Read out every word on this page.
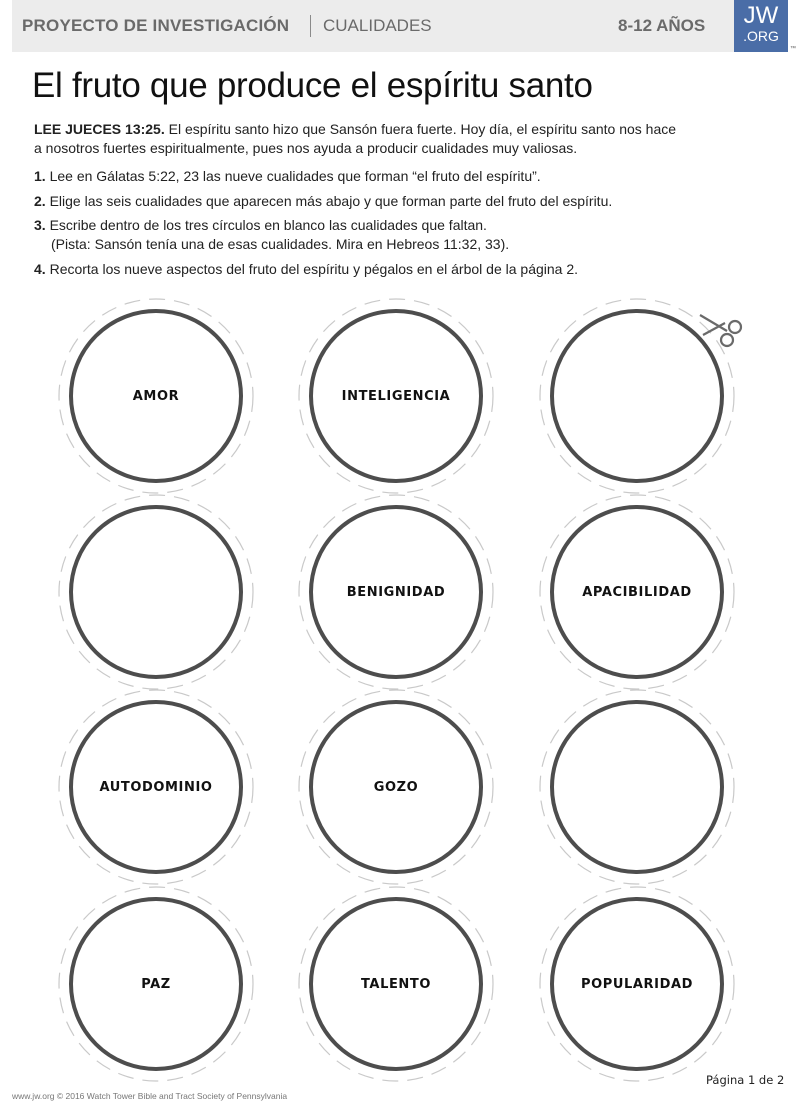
PROYECTO DE INVESTIGACIÓN CUALIDADES	8-12 AÑOS	JW
.ORG
™
El fruto que produce el espíritu santo
LEE JUECES 13:25. El espíritu santo hizo que Sansón fuera fuerte. Hoy día, el espíritu santo nos hace a nosotros fuertes espiritualmente, pues nos ayuda a producir cualidades muy valiosas.
1. Lee en Gálatas 5:22, 23 las nueve cualidades que forman “el fruto del espíritu”.
2. Elige las seis cualidades que aparecen más abajo y que forman parte del fruto del espíritu.
3. Escribe dentro de los tres círculos en blanco las cualidades que faltan.
(Pista: Sansón tenía una de esas cualidades. Mira en Hebreos 11:32, 33).
4. Recorta los nueve aspectos del fruto del espíritu y pégalos en el árbol de la página 2.
AMOR	INTELIGENCIA
BENIGNIDAD	APACIBILIDAD
AUTODOMINIO	GOZO
PAZ	TALENTO	POPULARIDAD
www.jw.org © 2016 Watch Tower Bible and Tract Society of Pennsylvania
Página 1 de 2
